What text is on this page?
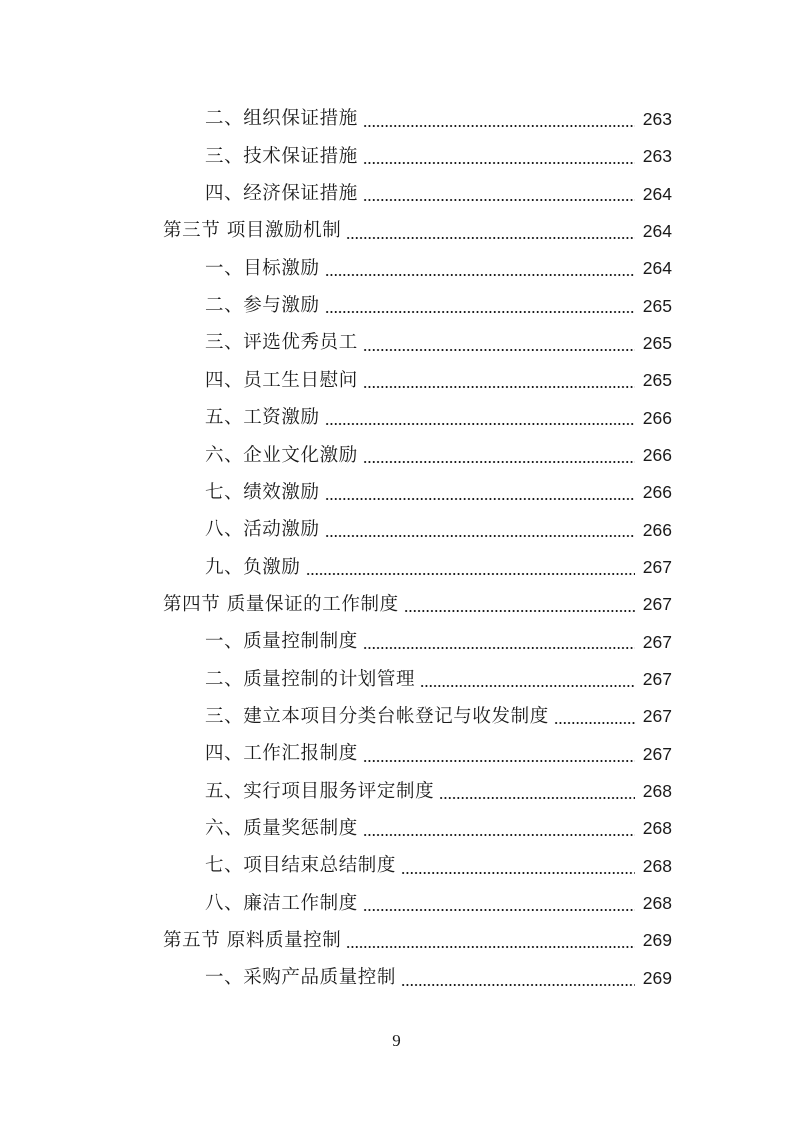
二、组织保证措施	263
三、技术保证措施	263
四、经济保证措施	264
第三节 项目激励机制	264
一、目标激励	264
二、参与激励	265
三、评选优秀员工	265
四、员工生日慰问	265
五、工资激励	266
六、企业文化激励	266
七、绩效激励	266
八、活动激励	266
九、负激励	267
第四节 质量保证的工作制度	267
一、质量控制制度	267
二、质量控制的计划管理	267
三、建立本项目分类台帐登记与收发制度	267
四、工作汇报制度	267
五、实行项目服务评定制度	268
六、质量奖惩制度	268
七、项目结束总结制度	268
八、廉洁工作制度	268
第五节 原料质量控制	269
一、采购产品质量控制	269
9
